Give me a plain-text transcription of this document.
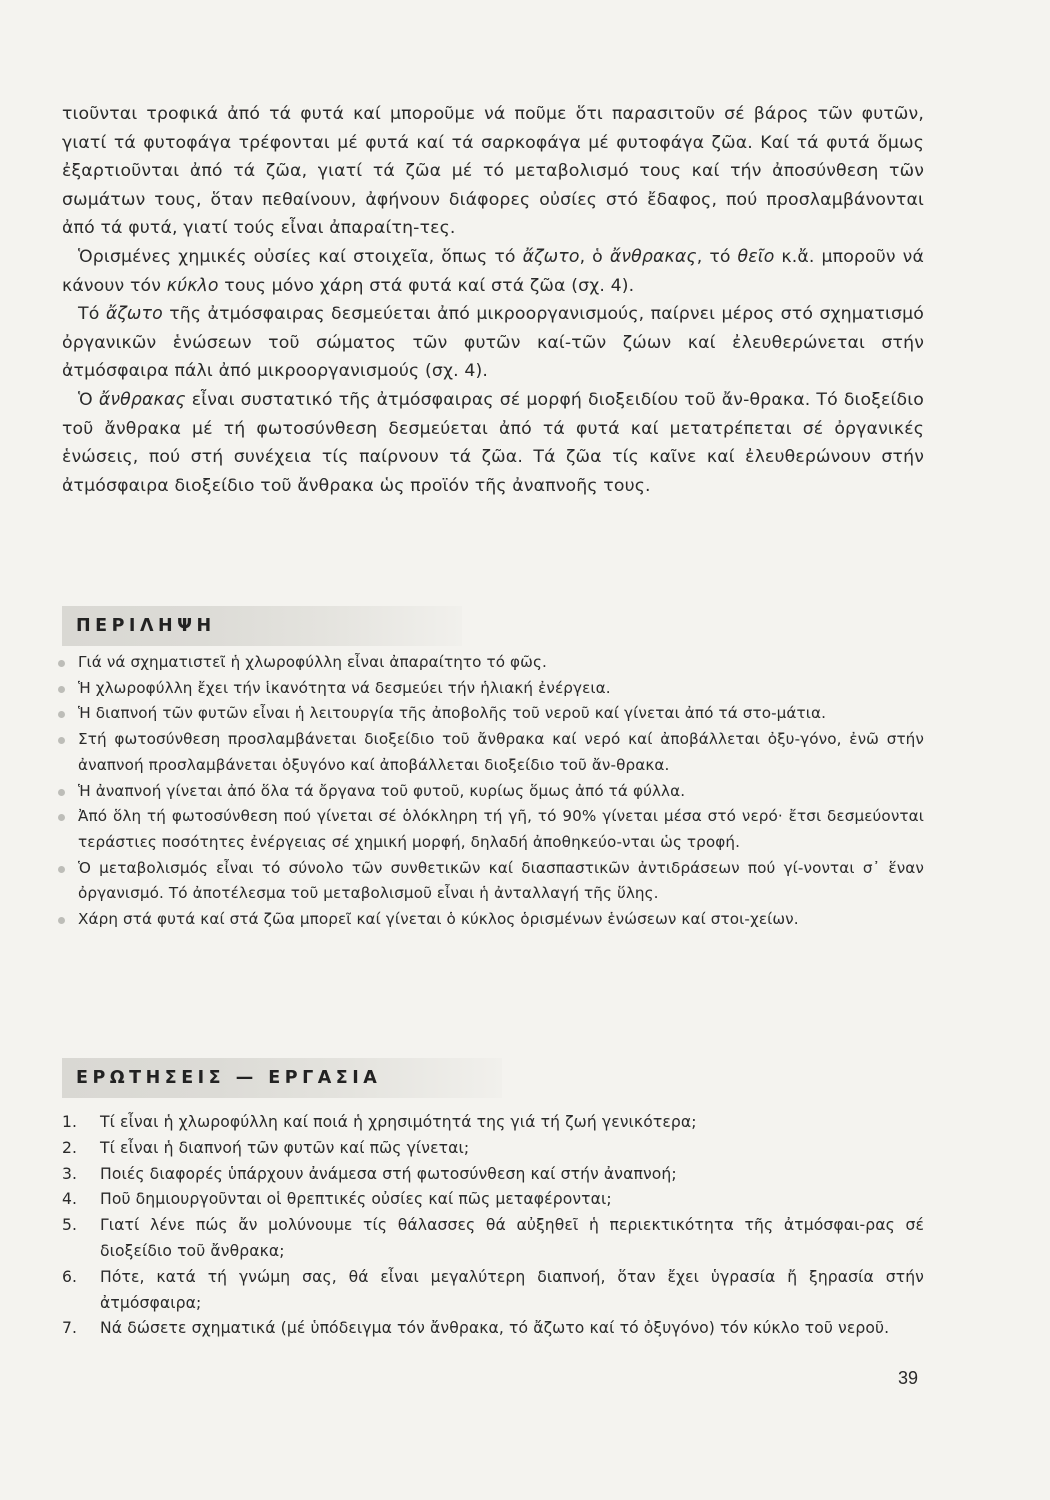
τιοῦνται τροφικά ἀπό τά φυτά καί μποροῦμε νά ποῦμε ὅτι παρασιτοῦν σέ βάρος τῶν φυτῶν, γιατί τά φυτοφάγα τρέφονται μέ φυτά καί τά σαρκοφάγα μέ φυτοφάγα ζῶα. Καί τά φυτά ὅμως ἐξαρτιοῦνται ἀπό τά ζῶα, γιατί τά ζῶα μέ τό μεταβολισμό τους καί τήν ἀποσύνθεση τῶν σωμάτων τους, ὅταν πεθαίνουν, ἀφήνουν διάφορες οὐσίες στό ἔδαφος, πού προσλαμβάνονται ἀπό τά φυτά, γιατί τούς εἶναι ἀπαραίτη-τες.

Ὁρισμένες χημικές οὐσίες καί στοιχεῖα, ὅπως τό ἄζωτο, ὁ ἄνθρακας, τό θεῖο κ.ἄ. μποροῦν νά κάνουν τόν κύκλο τους μόνο χάρη στά φυτά καί στά ζῶα (σχ. 4).

Τό ἄζωτο τῆς ἀτμόσφαιρας δεσμεύεται ἀπό μικροοργανισμούς, παίρνει μέρος στό σχηματισμό ὀργανικῶν ἑνώσεων τοῦ σώματος τῶν φυτῶν καί-τῶν ζώων καί ἐλευθερώνεται στήν ἀτμόσφαιρα πάλι ἀπό μικροοργανισμούς (σχ. 4).

Ὁ ἄνθρακας εἶναι συστατικό τῆς ἀτμόσφαιρας σέ μορφή διοξειδίου τοῦ ἄν-θρακα. Τό διοξείδιο τοῦ ἄνθρακα μέ τή φωτοσύνθεση δεσμεύεται ἀπό τά φυτά καί μετατρέπεται σέ ὀργανικές ἑνώσεις, πού στή συνέχεια τίς παίρνουν τά ζῶα. Τά ζῶα τίς καῖνε καί ἐλευθερώνουν στήν ἀτμόσφαιρα διοξείδιο τοῦ ἄνθρακα ὡς προϊόν τῆς ἀναπνοῆς τους.

ΠΕΡΙΛΗΨΗ
Γιά νά σχηματιστεῖ ἡ χλωροφύλλη εἶναι ἀπαραίτητο τό φῶς.
Ἡ χλωροφύλλη ἔχει τήν ἱκανότητα νά δεσμεύει τήν ἡλιακή ἐνέργεια.
Ἡ διαπνοή τῶν φυτῶν εἶναι ἡ λειτουργία τῆς ἀποβολῆς τοῦ νεροῦ καί γίνεται ἀπό τά στο-μάτια.
Στή φωτοσύνθεση προσλαμβάνεται διοξείδιο τοῦ ἄνθρακα καί νερό καί ἀποβάλλεται ὀξυ-γόνο, ἐνῶ στήν ἀναπνοή προσλαμβάνεται ὀξυγόνο καί ἀποβάλλεται διοξείδιο τοῦ ἄν-θρακα.
Ἡ ἀναπνοή γίνεται ἀπό ὅλα τά ὄργανα τοῦ φυτοῦ, κυρίως ὅμως ἀπό τά φύλλα.
Ἀπό ὅλη τή φωτοσύνθεση πού γίνεται σέ ὁλόκληρη τή γῆ, τό 90% γίνεται μέσα στό νερό· ἔτσι δεσμεύονται τεράστιες ποσότητες ἐνέργειας σέ χημική μορφή, δηλαδή ἀποθηκεύο-νται ὡς τροφή.
Ὁ μεταβολισμός εἶναι τό σύνολο τῶν συνθετικῶν καί διασπαστικῶν ἀντιδράσεων πού γί-νονται σ᾽ ἕναν ὀργανισμό. Τό ἀποτέλεσμα τοῦ μεταβολισμοῦ εἶναι ἡ ἀνταλλαγή τῆς ὕλης.
Χάρη στά φυτά καί στά ζῶα μπορεῖ καί γίνεται ὁ κύκλος ὁρισμένων ἑνώσεων καί στοι-χείων.
ΕΡΩΤΗΣΕΙΣ — ΕΡΓΑΣΙΑ
1. Τί εἶναι ἡ χλωροφύλλη καί ποιά ἡ χρησιμότητά της γιά τή ζωή γενικότερα;
2. Τί εἶναι ἡ διαπνοή τῶν φυτῶν καί πῶς γίνεται;
3. Ποιές διαφορές ὑπάρχουν ἀνάμεσα στή φωτοσύνθεση καί στήν ἀναπνοή;
4. Ποῦ δημιουργοῦνται οἱ θρεπτικές οὐσίες καί πῶς μεταφέρονται;
5. Γιατί λένε πώς ἄν μολύνουμε τίς θάλασσες θά αὐξηθεῖ ἡ περιεκτικότητα τῆς ἀτμόσφαι-ρας σέ διοξείδιο τοῦ ἄνθρακα;
6. Πότε, κατά τή γνώμη σας, θά εἶναι μεγαλύτερη διαπνοή, ὅταν ἔχει ὑγρασία ἤ ξηρασία στήν ἀτμόσφαιρα;
7. Νά δώσετε σχηματικά (μέ ὑπόδειγμα τόν ἄνθρακα, τό ἄζωτο καί τό ὀξυγόνο) τόν κύκλο τοῦ νεροῦ.
39
